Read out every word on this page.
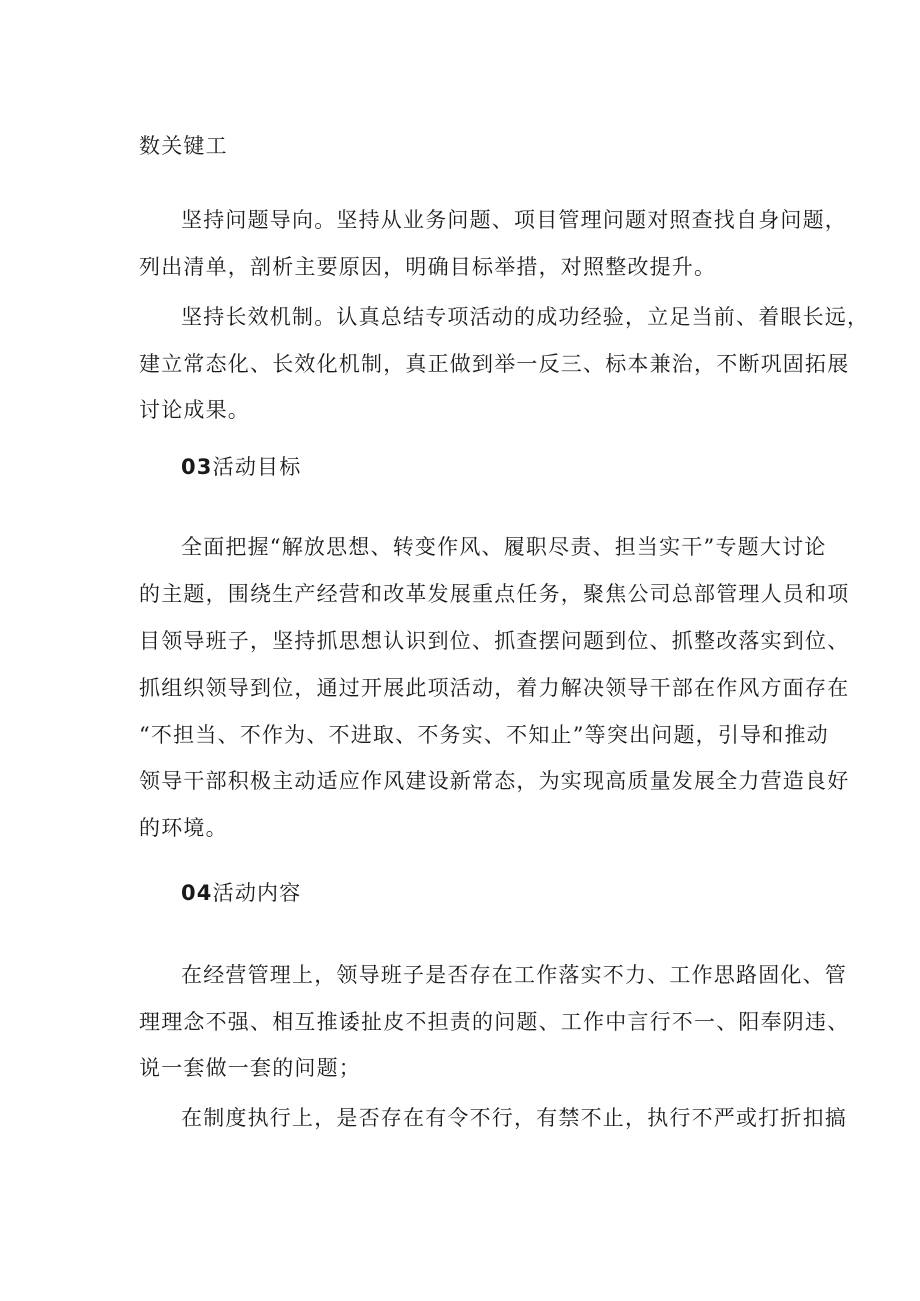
数关键工
坚持问题导向。坚持从业务问题、项目管理问题对照查找自身问题，
列出清单，剖析主要原因，明确目标举措，对照整改提升。
坚持长效机制。认真总结专项活动的成功经验，立足当前、着眼长远，
建立常态化、长效化机制，真正做到举一反三、标本兼治，不断巩固拓展
讨论成果。
03活动目标
全面把握“解放思想、转变作风、履职尽责、担当实干”专题大讨论
的主题，围绕生产经营和改革发展重点任务，聚焦公司总部管理人员和项
目领导班子，坚持抓思想认识到位、抓查摆问题到位、抓整改落实到位、
抓组织领导到位，通过开展此项活动，着力解决领导干部在作风方面存在
“不担当、不作为、不进取、不务实、不知止”等突出问题，引导和推动
领导干部积极主动适应作风建设新常态，为实现高质量发展全力营造良好
的环境。
04活动内容
在经营管理上，领导班子是否存在工作落实不力、工作思路固化、管
理理念不强、相互推诿扯皮不担责的问题、工作中言行不一、阳奉阴违、
说一套做一套的问题；
在制度执行上，是否存在有令不行，有禁不止，执行不严或打折扣搞
